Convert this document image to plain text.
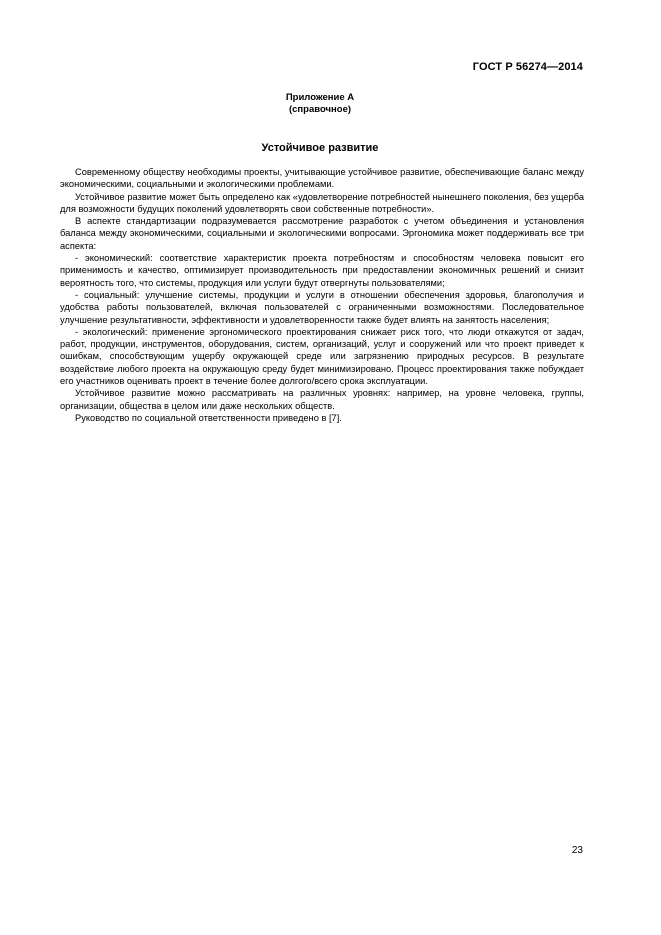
ГОСТ Р 56274—2014
Приложение А
(справочное)
Устойчивое развитие

Современному обществу необходимы проекты, учитывающие устойчивое развитие, обеспечивающие баланс между экономическими, социальными и экологическими проблемами.

Устойчивое развитие может быть определено как «удовлетворение потребностей нынешнего поколения, без ущерба для возможности будущих поколений удовлетворять свои собственные потребности».

В аспекте стандартизации подразумевается рассмотрение разработок с учетом объединения и установления баланса между экономическими, социальными и экологическими вопросами. Эргономика может поддерживать все три аспекта:

- экономический: соответствие характеристик проекта потребностям и способностям человека повысит его применимость и качество, оптимизирует производительность при предоставлении экономичных решений и снизит вероятность того, что системы, продукция или услуги будут отвергнуты пользователями;

- социальный: улучшение системы, продукции и услуги в отношении обеспечения здоровья, благополучия и удобства работы пользователей, включая пользователей с ограниченными возможностями. Последовательное улучшение результативности, эффективности и удовлетворенности также будет влиять на занятость населения;

- экологический: применение эргономического проектирования снижает риск того, что люди откажутся от задач, работ, продукции, инструментов, оборудования, систем, организаций, услуг и сооружений или что проект приведет к ошибкам, способствующим ущербу окружающей среде или загрязнению природных ресурсов. В результате воздействие любого проекта на окружающую среду будет минимизировано. Процесс проектирования также побуждает его участников оценивать проект в течение более долгого/всего срока эксплуатации.

Устойчивое развитие можно рассматривать на различных уровнях: например, на уровне человека, группы, организации, общества в целом или даже нескольких обществ.

Руководство по социальной ответственности приведено в [7].

23
